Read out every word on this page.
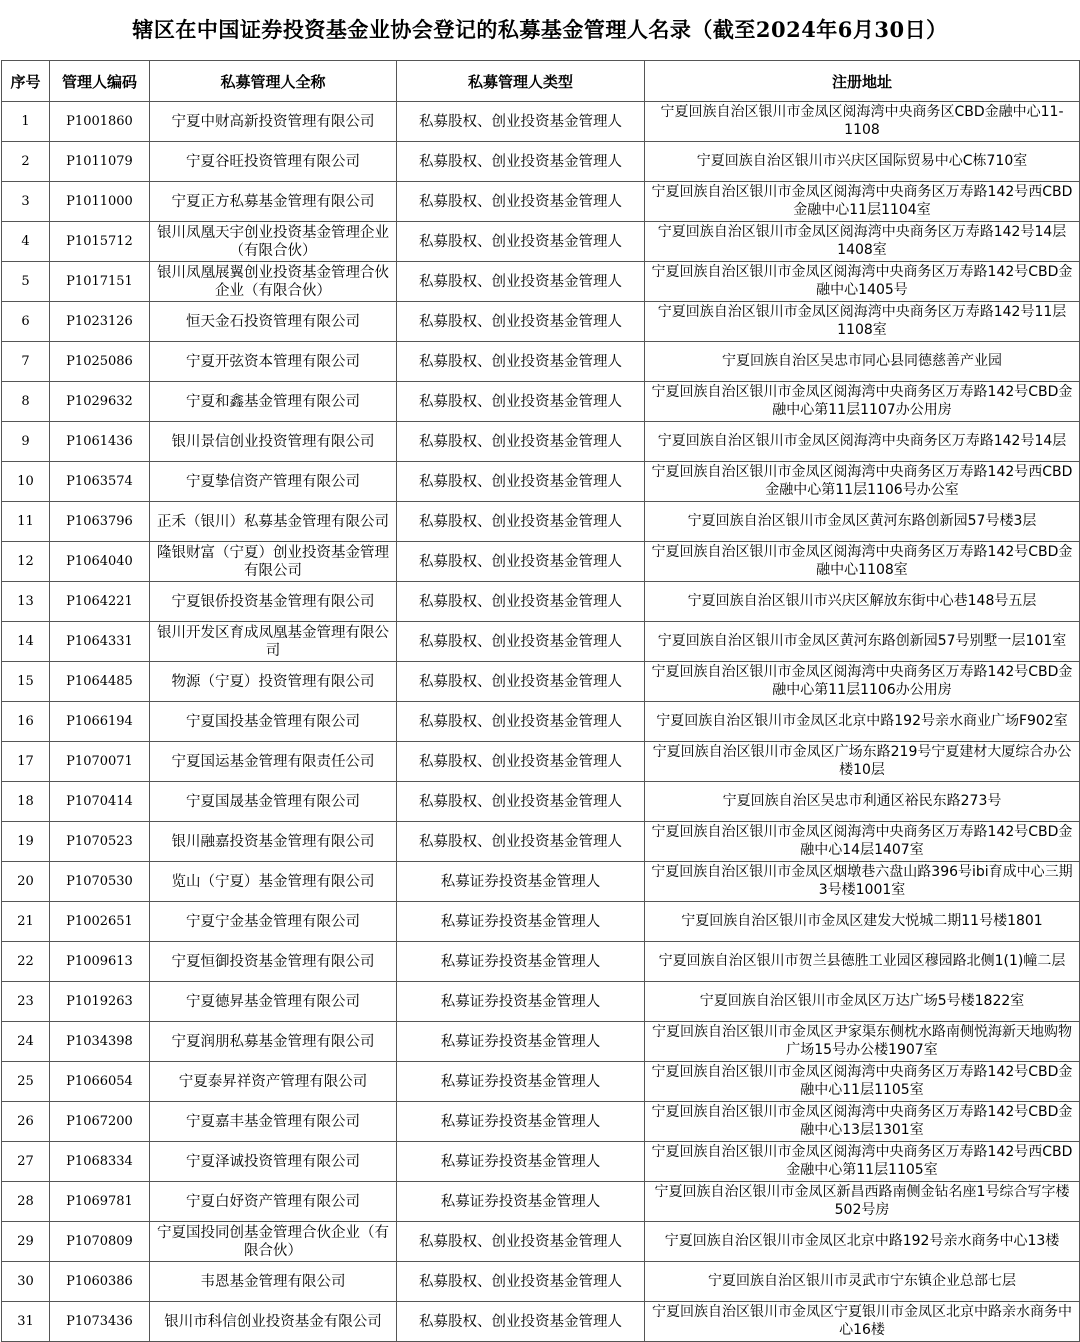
辖区在中国证券投资基金业协会登记的私募基金管理人名录（截至2024年6月30日）
序号	管理人编码	私募管理人全称	私募管理人类型	注册地址
1	P1001860	宁夏中财高新投资管理有限公司	私募股权、创业投资基金管理人	宁夏回族自治区银川市金凤区阅海湾中央商务区CBD金融中心11-1108
2	P1011079	宁夏谷旺投资管理有限公司	私募股权、创业投资基金管理人	宁夏回族自治区银川市兴庆区国际贸易中心C栋710室
3	P1011000	宁夏正方私募基金管理有限公司	私募股权、创业投资基金管理人	宁夏回族自治区银川市金凤区阅海湾中央商务区万寿路142号西CBD金融中心11层1104室
4	P1015712	银川凤凰天宇创业投资基金管理企业（有限合伙）	私募股权、创业投资基金管理人	宁夏回族自治区银川市金凤区阅海湾中央商务区万寿路142号14层1408室
5	P1017151	银川凤凰展翼创业投资基金管理合伙企业（有限合伙）	私募股权、创业投资基金管理人	宁夏回族自治区银川市金凤区阅海湾中央商务区万寿路142号CBD金融中心1405号
6	P1023126	恒天金石投资管理有限公司	私募股权、创业投资基金管理人	宁夏回族自治区银川市金凤区阅海湾中央商务区万寿路142号11层1108室
7	P1025086	宁夏开弦资本管理有限公司	私募股权、创业投资基金管理人	宁夏回族自治区吴忠市同心县同德慈善产业园
8	P1029632	宁夏和鑫基金管理有限公司	私募股权、创业投资基金管理人	宁夏回族自治区银川市金凤区阅海湾中央商务区万寿路142号CBD金融中心第11层1107办公用房
9	P1061436	银川景信创业投资管理有限公司	私募股权、创业投资基金管理人	宁夏回族自治区银川市金凤区阅海湾中央商务区万寿路142号14层
10	P1063574	宁夏挚信资产管理有限公司	私募股权、创业投资基金管理人	宁夏回族自治区银川市金凤区阅海湾中央商务区万寿路142号西CBD金融中心第11层1106号办公室
11	P1063796	正禾（银川）私募基金管理有限公司	私募股权、创业投资基金管理人	宁夏回族自治区银川市金凤区黄河东路创新园57号楼3层
12	P1064040	隆银财富（宁夏）创业投资基金管理有限公司	私募股权、创业投资基金管理人	宁夏回族自治区银川市金凤区阅海湾中央商务区万寿路142号CBD金融中心1108室
13	P1064221	宁夏银侨投资基金管理有限公司	私募股权、创业投资基金管理人	宁夏回族自治区银川市兴庆区解放东街中心巷148号五层
14	P1064331	银川开发区育成凤凰基金管理有限公司	私募股权、创业投资基金管理人	宁夏回族自治区银川市金凤区黄河东路创新园57号别墅一层101室
15	P1064485	物源（宁夏）投资管理有限公司	私募股权、创业投资基金管理人	宁夏回族自治区银川市金凤区阅海湾中央商务区万寿路142号CBD金融中心第11层1106办公用房
16	P1066194	宁夏国投基金管理有限公司	私募股权、创业投资基金管理人	宁夏回族自治区银川市金凤区北京中路192号亲水商业广场F902室
17	P1070071	宁夏国运基金管理有限责任公司	私募股权、创业投资基金管理人	宁夏回族自治区银川市金凤区广场东路219号宁夏建材大厦综合办公楼10层
18	P1070414	宁夏国晟基金管理有限公司	私募股权、创业投资基金管理人	宁夏回族自治区吴忠市利通区裕民东路273号
19	P1070523	银川融嘉投资基金管理有限公司	私募股权、创业投资基金管理人	宁夏回族自治区银川市金凤区阅海湾中央商务区万寿路142号CBD金融中心14层1407室
20	P1070530	览山（宁夏）基金管理有限公司	私募证券投资基金管理人	宁夏回族自治区银川市金凤区烟墩巷六盘山路396号ibi育成中心三期3号楼1001室
21	P1002651	宁夏宁金基金管理有限公司	私募证券投资基金管理人	宁夏回族自治区银川市金凤区建发大悦城二期11号楼1801
22	P1009613	宁夏恒御投资基金管理有限公司	私募证券投资基金管理人	宁夏回族自治区银川市贺兰县德胜工业园区穆园路北侧1(1)幢二层
23	P1019263	宁夏德昇基金管理有限公司	私募证券投资基金管理人	宁夏回族自治区银川市金凤区万达广场5号楼1822室
24	P1034398	宁夏润朋私募基金管理有限公司	私募证券投资基金管理人	宁夏回族自治区银川市金凤区尹家渠东侧枕水路南侧悦海新天地购物广场15号办公楼1907室
25	P1066054	宁夏泰昇祥资产管理有限公司	私募证券投资基金管理人	宁夏回族自治区银川市金凤区阅海湾中央商务区万寿路142号CBD金融中心11层1105室
26	P1067200	宁夏嘉丰基金管理有限公司	私募证券投资基金管理人	宁夏回族自治区银川市金凤区阅海湾中央商务区万寿路142号CBD金融中心13层1301室
27	P1068334	宁夏泽诚投资管理有限公司	私募证券投资基金管理人	宁夏回族自治区银川市金凤区阅海湾中央商务区万寿路142号西CBD金融中心第11层1105室
28	P1069781	宁夏白妤资产管理有限公司	私募证券投资基金管理人	宁夏回族自治区银川市金凤区新昌西路南侧金钻名座1号综合写字楼502号房
29	P1070809	宁夏国投同创基金管理合伙企业（有限合伙）	私募股权、创业投资基金管理人	宁夏回族自治区银川市金凤区北京中路192号亲水商务中心13楼
30	P1060386	韦恩基金管理有限公司	私募股权、创业投资基金管理人	宁夏回族自治区银川市灵武市宁东镇企业总部七层
31	P1073436	银川市科信创业投资基金有限公司	私募股权、创业投资基金管理人	宁夏回族自治区银川市金凤区宁夏银川市金凤区北京中路亲水商务中心16楼
